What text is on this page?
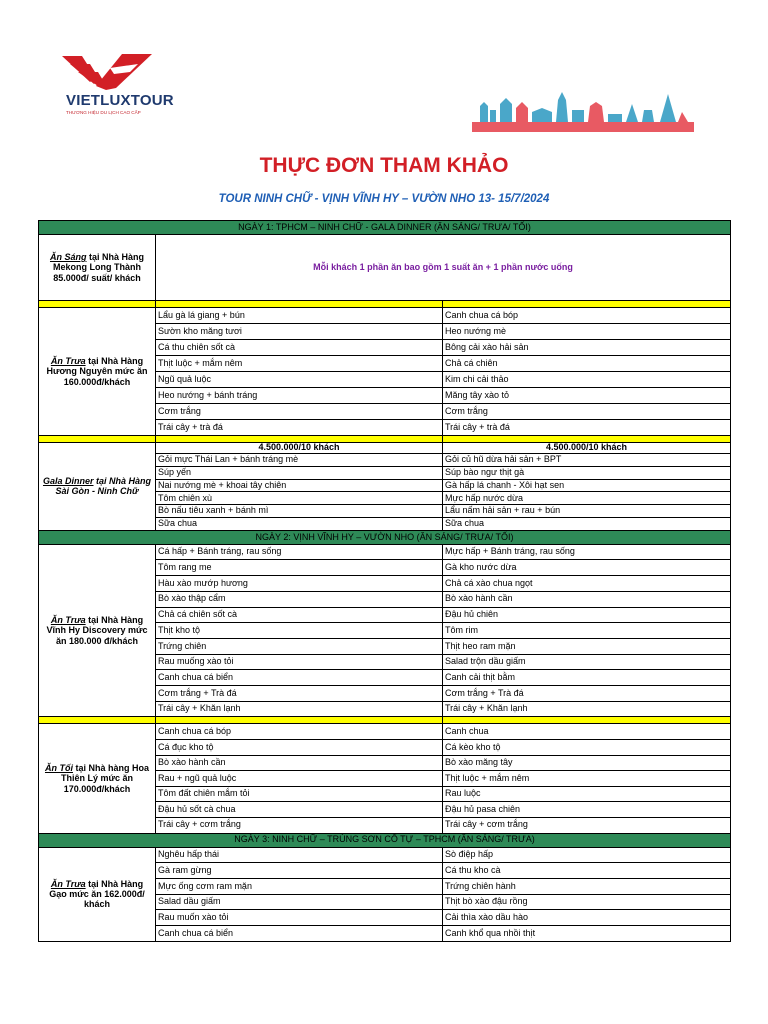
VIETLUXTOUR
THƯƠNG HIỆU DU LỊCH CAO CẤP
THỰC ĐƠN THAM KHẢO
TOUR NINH CHỮ - VỊNH VĨNH HY – VƯỜN NHO 13- 15/7/2024
NGÀY 1: TPHCM – NINH CHỮ - GALA DINNER (ĂN SÁNG/ TRƯA/ TỐI)		
Ăn Sáng tại Nhà Hàng Mekong Long Thành 85.000đ/ suất/ khách	Mỗi khách 1 phần ăn bao gồm 1 suất ăn + 1 phần nước uống	

Ăn Trưa tại Nhà Hàng Hương Nguyên mức ăn 160.000đ/khách	Lẩu gà lá giang + bún	Canh chua cá bóp
	Sườn kho măng tươi	Heo nướng mè
	Cá thu chiên sốt cà	Bông cải xào hải sản
	Thịt luộc + mắm nêm	Chả cá chiên
	Ngũ quả luộc	Kim chi cải thảo
	Heo nướng + bánh tráng	Măng tây xào tỏ
	Cơm trắng	Cơm trắng
	Trái cây + trà đá	Trái cây + trà đá

Gala Dinner tại Nhà Hàng Sài Gòn - Ninh Chữ	4.500.000/10 khách	4.500.000/10 khách
	Gỏi mực Thái Lan + bánh tráng mè	Gỏi củ hũ dừa hải sản + BPT
	Súp yến	Súp bào ngư thịt gà
	Nai nướng mè + khoai tây chiên	Gà hấp lá chanh - Xôi hạt sen
	Tôm chiên xù	Mực hấp nước dừa
	Bò nấu tiêu xanh + bánh mì	Lẩu nấm hải sản + rau + bún
	Sữa chua	Sữa chua
NGÀY 2: VỊNH VĨNH HY – VƯỜN NHO (ĂN SÁNG/ TRƯA/ TỐI)		
Ăn Trưa tại Nhà Hàng Vĩnh Hy Discovery mức ăn 180.000 đ/khách	Cá hấp + Bánh tráng, rau sống	Mực hấp + Bánh tráng, rau sống
	Tôm rang me	Gà kho nước dừa
	Hàu xào mướp hương	Chả cá xào chua ngọt
	Bò xào thập cẩm	Bò xào hành cần
	Chả cá chiên sốt cà	Đậu hủ chiên
	Thịt kho tộ	Tôm rim
	Trứng chiên	Thịt heo ram mặn
	Rau muống xào tỏi	Salad trộn dầu giấm
	Canh chua cá biển	Canh cải thịt bằm
	Cơm trắng + Trà đá	Cơm trắng + Trà đá
	Trái cây + Khăn lạnh	Trái cây + Khăn lạnh

Ăn Tối tại Nhà hàng Hoa Thiên Lý mức ăn 170.000đ/khách	Canh chua cá bóp	Canh chua
	Cá đục kho tộ	Cá kèo kho tộ
	Bò xào hành cần	Bò xào măng tây
	Rau + ngũ quả luộc	Thịt luộc + mắm nêm
	Tôm đất chiên mắm tỏi	Rau luộc
	Đậu hủ sốt cà chua	Đậu hủ pasa chiên
	Trái cây + cơm trắng	Trái cây + cơm trắng
NGÀY 3: NINH CHỮ – TRÙNG SƠN CỔ TỰ – TPHCM (ĂN SÁNG/ TRƯA)		
Ăn Trưa tại Nhà Hàng Gạo mức ăn 162.000đ/ khách	Nghêu hấp thái	Sò điệp hấp
	Gà ram gừng	Cá thu kho cà
	Mực ống cơm ram mặn	Trứng chiên hành
	Salad dầu giấm	Thịt bò xào đậu rồng
	Rau muốn xào tỏi	Cải thìa xào dầu hào
	Canh chua cá biển	Canh khổ qua nhồi thịt
